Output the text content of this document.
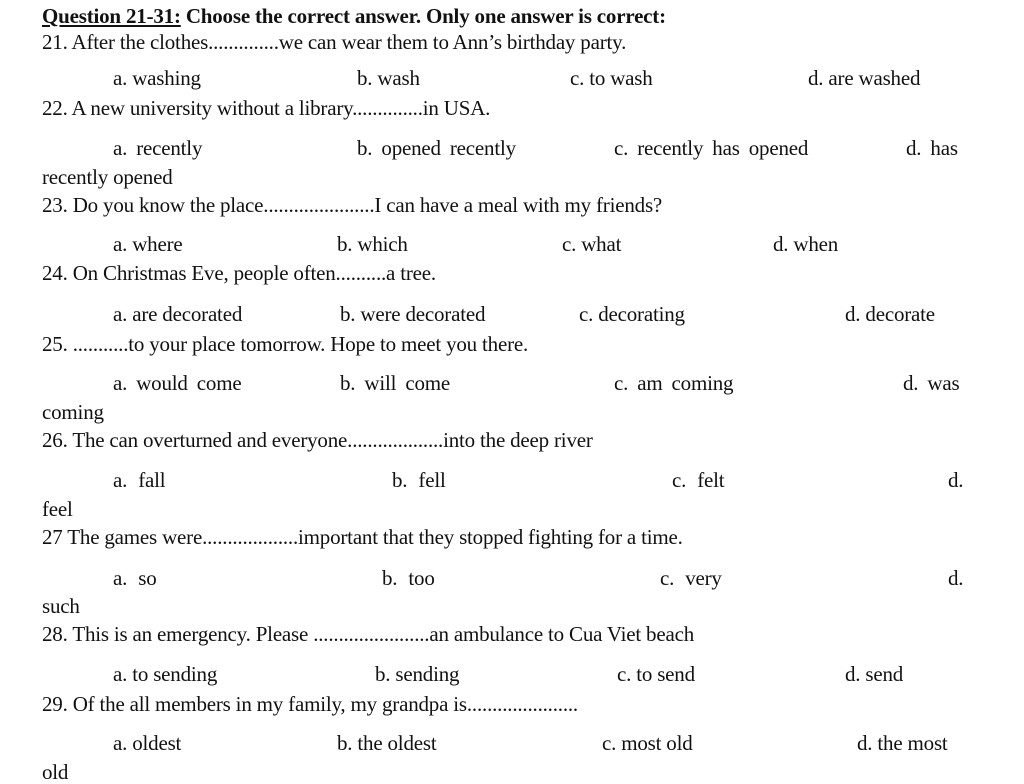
Question 21-31: Choose the correct answer. Only one answer is correct:
21. After the clothes..............we can wear them to Ann’s birthday party.
a. washing	b. wash	c. to wash	d. are washed
22. A new university without a library..............in USA.
a. recently	b. opened recently	c. recently has opened	d. has
recently opened
23. Do you know the place......................I can have a meal with my friends?
a. where	b. which	c. what	d. when
24. On Christmas Eve, people often..........a tree.
a. are decorated	b. were decorated	c. decorating	d. decorate
25. ...........to your place tomorrow. Hope to meet you there.
a. would come	b. will come	c. am coming	d. was
coming
26. The can overturned and everyone...................into the deep river
a. fall	b. fell	c. felt	d.
feel
27 The games were...................important that they stopped fighting for a time.
a. so	b. too	c. very	d.
such
28. This is an emergency. Please .......................an ambulance to Cua Viet beach
a. to sending	b. sending	c. to send	d. send
29. Of the all members in my family, my grandpa is......................
a. oldest	b. the oldest	c. most old	d. the most
old
